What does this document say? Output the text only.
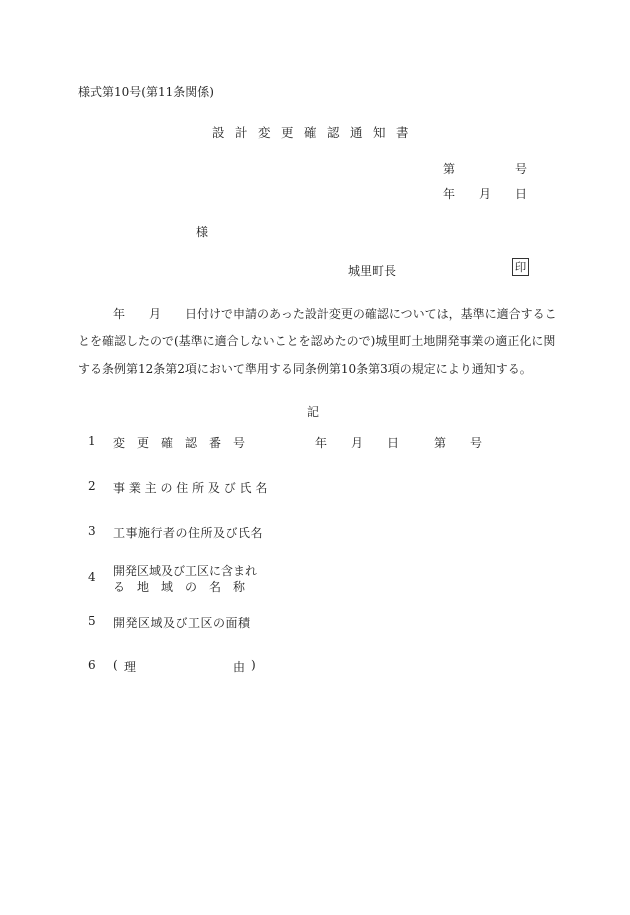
様式第10号(第11条関係)
設計変更確認通知書
第	号
年 月 日
様
城里町長	印
年 月 日付けで申請のあった設計変更の確認については，基準に適合するこ
とを確認したので(基準に適合しないことを認めたので)城里町土地開発事業の適正化に関
する条例第12条第2項において準用する同条例第10条第3項の規定により通知する。
記
1 変　更　確　認　番　号	年 月 日	第 号
2 事 業 主 の 住 所 及 び 氏 名
3 工事施行者の住所及び氏名
4 開発区域及び工区に含まれ
る　地　域　の　名　称
5 開発区域及び工区の面積
6 ( 理	由 )
